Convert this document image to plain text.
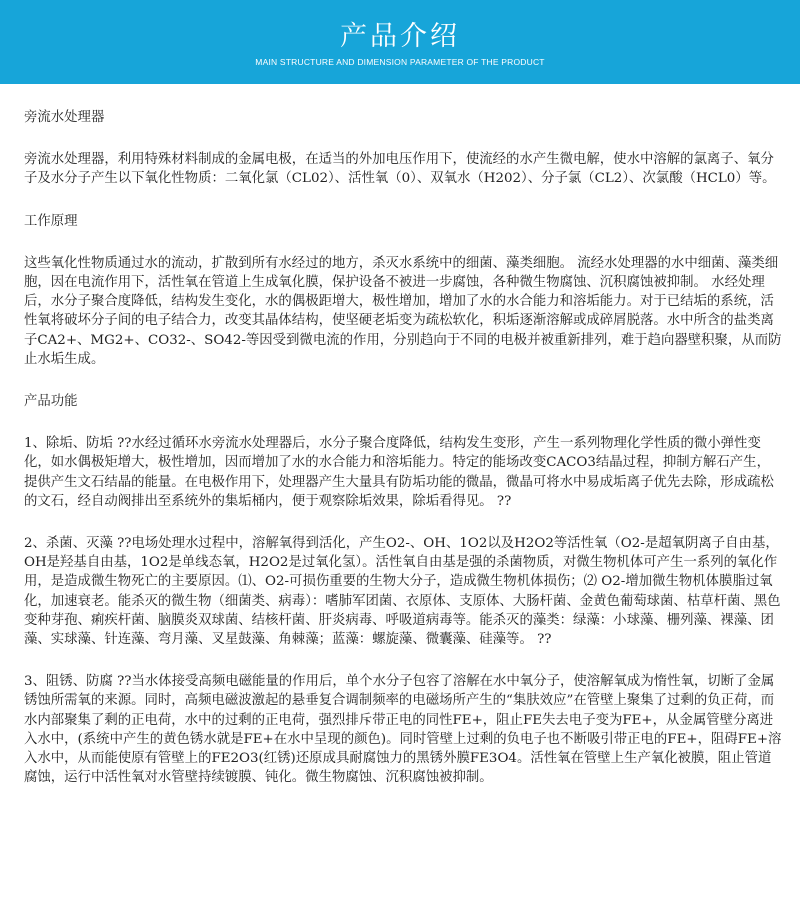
产品介绍
MAIN STRUCTURE AND DIMENSION PARAMETER OF THE PRODUCT
旁流水处理器

旁流水处理器，利用特殊材料制成的金属电极，在适当的外加电压作用下，使流经的水产生微电解，使水中溶解的氯离子、氧分子及水分子产生以下氧化性物质：二氧化氯（CL02）、活性氧（0）、双氧水（H202）、分子氯（CL2）、次氯酸（HCL0）等。

工作原理

这些氧化性物质通过水的流动，扩散到所有水经过的地方，杀灭水系统中的细菌、藻类细胞。 流经水处理器的水中细菌、藻类细胞，因在电流作用下，活性氧在管道上生成氧化膜，保护设备不被进一步腐蚀，各种微生物腐蚀、沉积腐蚀被抑制。 水经处理后，水分子聚合度降低，结构发生变化，水的偶极距增大，极性增加，增加了水的水合能力和溶垢能力。对于已结垢的系统，活性氧将破坏分子间的电子结合力，改变其晶体结构，使坚硬老垢变为疏松软化，积垢逐渐溶解或成碎屑脱落。水中所含的盐类离子CA2+、MG2+、CO32-、SO42-等因受到微电流的作用，分别趋向于不同的电极并被重新排列，难于趋向器壁积聚，从而防止水垢生成。

产品功能

1、除垢、防垢 ??水经过循环水旁流水处理器后，水分子聚合度降低，结构发生变形，产生一系列物理化学性质的微小弹性变化，如水偶极矩增大，极性增加，因而增加了水的水合能力和溶垢能力。特定的能场改变CACO3结晶过程，抑制方解石产生，提供产生文石结晶的能量。在电极作用下，处理器产生大量具有防垢功能的微晶，微晶可将水中易成垢离子优先去除，形成疏松的文石，经自动阀排出至系统外的集垢桶内，便于观察除垢效果，除垢看得见。 ??

2、杀菌、灭藻 ??电场处理水过程中，溶解氧得到活化，产生O2-、OH、1O2以及H2O2等活性氧（O2-是超氧阴离子自由基，OH是羟基自由基，1O2是单线态氧，H2O2是过氧化氢）。活性氧自由基是强的杀菌物质，对微生物机体可产生一系列的氧化作用，是造成微生物死亡的主要原因。⑴、O2-可损伤重要的生物大分子，造成微生物机体损伤；⑵ O2-增加微生物机体膜脂过氧化，加速衰老。能杀灭的微生物（细菌类、病毒）：嗜肺军团菌、衣原体、支原体、大肠杆菌、金黄色葡萄球菌、枯草杆菌、黑色变种芽孢、痢疾杆菌、脑膜炎双球菌、结核杆菌、肝炎病毒、呼吸道病毒等。能杀灭的藻类：绿藻：小球藻、栅列藻、裸藻、团藻、实球藻、针连藻、弯月藻、叉星鼓藻、角棘藻；蓝藻：螺旋藻、微囊藻、硅藻等。 ??

3、阻锈、防腐 ??当水体接受高频电磁能量的作用后，单个水分子包容了溶解在水中氧分子，使溶解氧成为惰性氧，切断了金属锈蚀所需氧的来源。同时，高频电磁波激起的悬垂复合调制频率的电磁场所产生的“集肤效应”在管壁上聚集了过剩的负正荷，而水内部聚集了剩的正电荷，水中的过剩的正电荷，强烈排斥带正电的同性FE+，阻止FE失去电子变为FE+，从金属管壁分离进入水中，(系统中产生的黄色锈水就是FE+在水中呈现的颜色)。同时管壁上过剩的负电子也不断吸引带正电的FE+，阻碍FE+溶入水中，从而能使原有管壁上的FE2O3(红锈)还原成具耐腐蚀力的黑锈外膜FE3O4。活性氧在管壁上生产氧化被膜，阻止管道腐蚀，运行中活性氧对水管壁持续镀膜、钝化。微生物腐蚀、沉积腐蚀被抑制。
